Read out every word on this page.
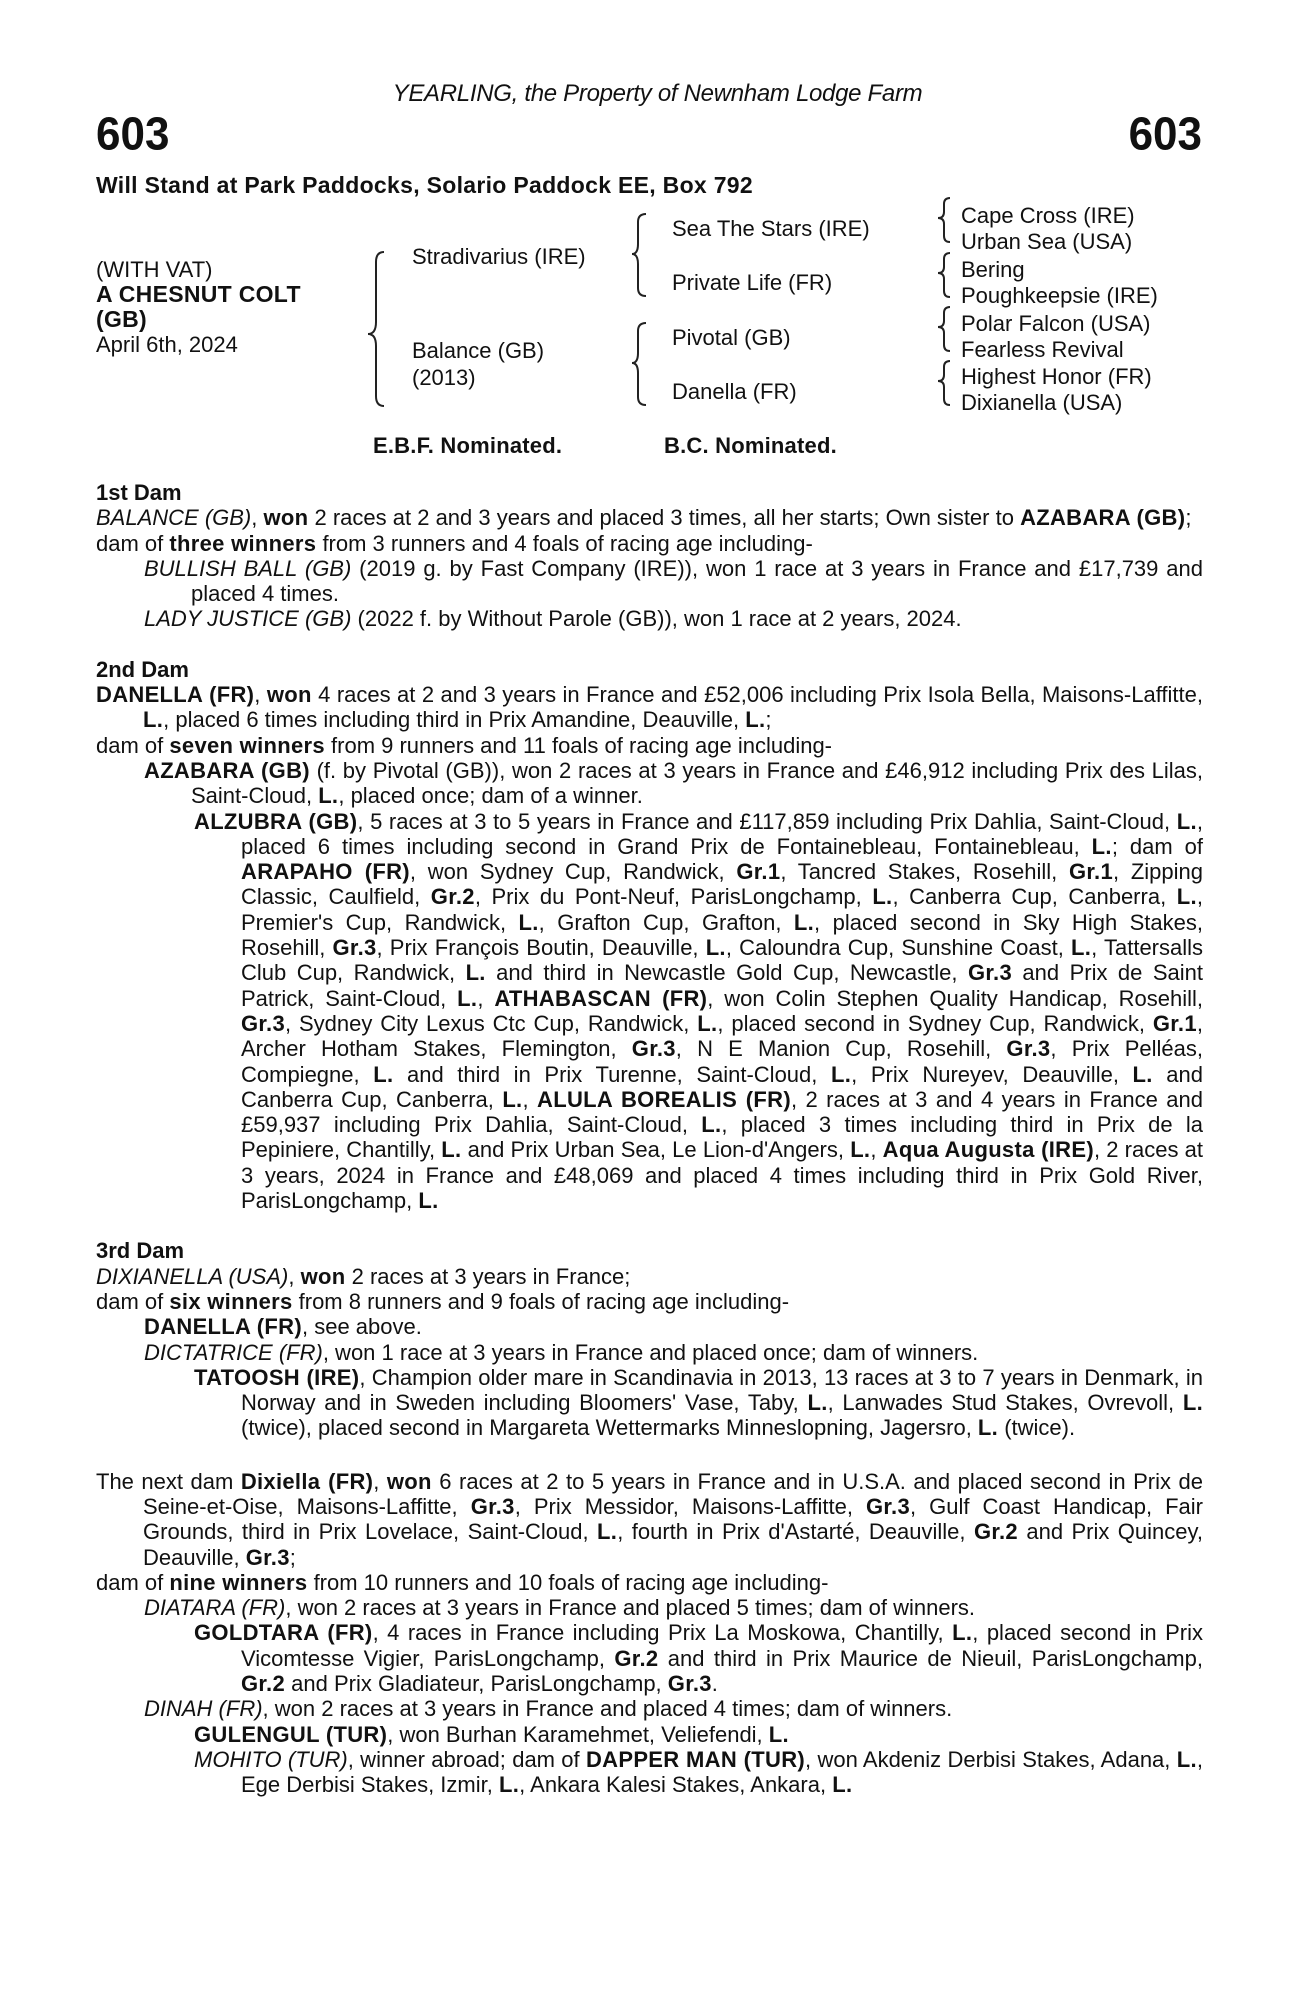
YEARLING, the Property of Newnham Lodge Farm
603	603
Will Stand at Park Paddocks, Solario Paddock EE, Box 792
(WITH VAT)
A CHESNUT COLT
(GB)
April 6th, 2024
Stradivarius (IRE)
Balance (GB)
(2013)
Sea The Stars (IRE)
Private Life (FR)
Pivotal (GB)
Danella (FR)
Cape Cross (IRE)
Urban Sea (USA)
Bering
Poughkeepsie (IRE)
Polar Falcon (USA)
Fearless Revival
Highest Honor (FR)
Dixianella (USA)
E.B.F. Nominated.	B.C. Nominated.
1st Dam

BALANCE (GB), won 2 races at 2 and 3 years and placed 3 times, all her starts; Own sister to AZABARA (GB);

dam of three winners from 3 runners and 4 foals of racing age including-

BULLISH BALL (GB) (2019 g. by Fast Company (IRE)), won 1 race at 3 years in France and £17,739 and placed 4 times.

LADY JUSTICE (GB) (2022 f. by Without Parole (GB)), won 1 race at 2 years, 2024.

2nd Dam

DANELLA (FR), won 4 races at 2 and 3 years in France and £52,006 including Prix Isola Bella, Maisons-Laffitte, L., placed 6 times including third in Prix Amandine, Deauville, L.;

dam of seven winners from 9 runners and 11 foals of racing age including-

AZABARA (GB) (f. by Pivotal (GB)), won 2 races at 3 years in France and £46,912 including Prix des Lilas, Saint-Cloud, L., placed once; dam of a winner.

ALZUBRA (GB), 5 races at 3 to 5 years in France and £117,859 including Prix Dahlia, Saint-Cloud, L., placed 6 times including second in Grand Prix de Fontainebleau, Fontainebleau, L.; dam of ARAPAHO (FR), won Sydney Cup, Randwick, Gr.1, Tancred Stakes, Rosehill, Gr.1, Zipping Classic, Caulfield, Gr.2, Prix du Pont-Neuf, ParisLongchamp, L., Canberra Cup, Canberra, L., Premier's Cup, Randwick, L., Grafton Cup, Grafton, L., placed second in Sky High Stakes, Rosehill, Gr.3, Prix François Boutin, Deauville, L., Caloundra Cup, Sunshine Coast, L., Tattersalls Club Cup, Randwick, L. and third in Newcastle Gold Cup, Newcastle, Gr.3 and Prix de Saint Patrick, Saint-Cloud, L., ATHABASCAN (FR), won Colin Stephen Quality Handicap, Rosehill, Gr.3, Sydney City Lexus Ctc Cup, Randwick, L., placed second in Sydney Cup, Randwick, Gr.1, Archer Hotham Stakes, Flemington, Gr.3, N E Manion Cup, Rosehill, Gr.3, Prix Pelléas, Compiegne, L. and third in Prix Turenne, Saint-Cloud, L., Prix Nureyev, Deauville, L. and Canberra Cup, Canberra, L., ALULA BOREALIS (FR), 2 races at 3 and 4 years in France and £59,937 including Prix Dahlia, Saint-Cloud, L., placed 3 times including third in Prix de la Pepiniere, Chantilly, L. and Prix Urban Sea, Le Lion-d'Angers, L., Aqua Augusta (IRE), 2 races at 3 years, 2024 in France and £48,069 and placed 4 times including third in Prix Gold River, ParisLongchamp, L.

3rd Dam

DIXIANELLA (USA), won 2 races at 3 years in France;

dam of six winners from 8 runners and 9 foals of racing age including-

DANELLA (FR), see above.

DICTATRICE (FR), won 1 race at 3 years in France and placed once; dam of winners.

TATOOSH (IRE), Champion older mare in Scandinavia in 2013, 13 races at 3 to 7 years in Denmark, in Norway and in Sweden including Bloomers' Vase, Taby, L., Lanwades Stud Stakes, Ovrevoll, L. (twice), placed second in Margareta Wettermarks Minneslopning, Jagersro, L. (twice).

The next dam Dixiella (FR), won 6 races at 2 to 5 years in France and in U.S.A. and placed second in Prix de Seine-et-Oise, Maisons-Laffitte, Gr.3, Prix Messidor, Maisons-Laffitte, Gr.3, Gulf Coast Handicap, Fair Grounds, third in Prix Lovelace, Saint-Cloud, L., fourth in Prix d'Astarté, Deauville, Gr.2 and Prix Quincey, Deauville, Gr.3;

dam of nine winners from 10 runners and 10 foals of racing age including-

DIATARA (FR), won 2 races at 3 years in France and placed 5 times; dam of winners.

GOLDTARA (FR), 4 races in France including Prix La Moskowa, Chantilly, L., placed second in Prix Vicomtesse Vigier, ParisLongchamp, Gr.2 and third in Prix Maurice de Nieuil, ParisLongchamp, Gr.2 and Prix Gladiateur, ParisLongchamp, Gr.3.

DINAH (FR), won 2 races at 3 years in France and placed 4 times; dam of winners.

GULENGUL (TUR), won Burhan Karamehmet, Veliefendi, L.

MOHITO (TUR), winner abroad; dam of DAPPER MAN (TUR), won Akdeniz Derbisi Stakes, Adana, L., Ege Derbisi Stakes, Izmir, L., Ankara Kalesi Stakes, Ankara, L.
